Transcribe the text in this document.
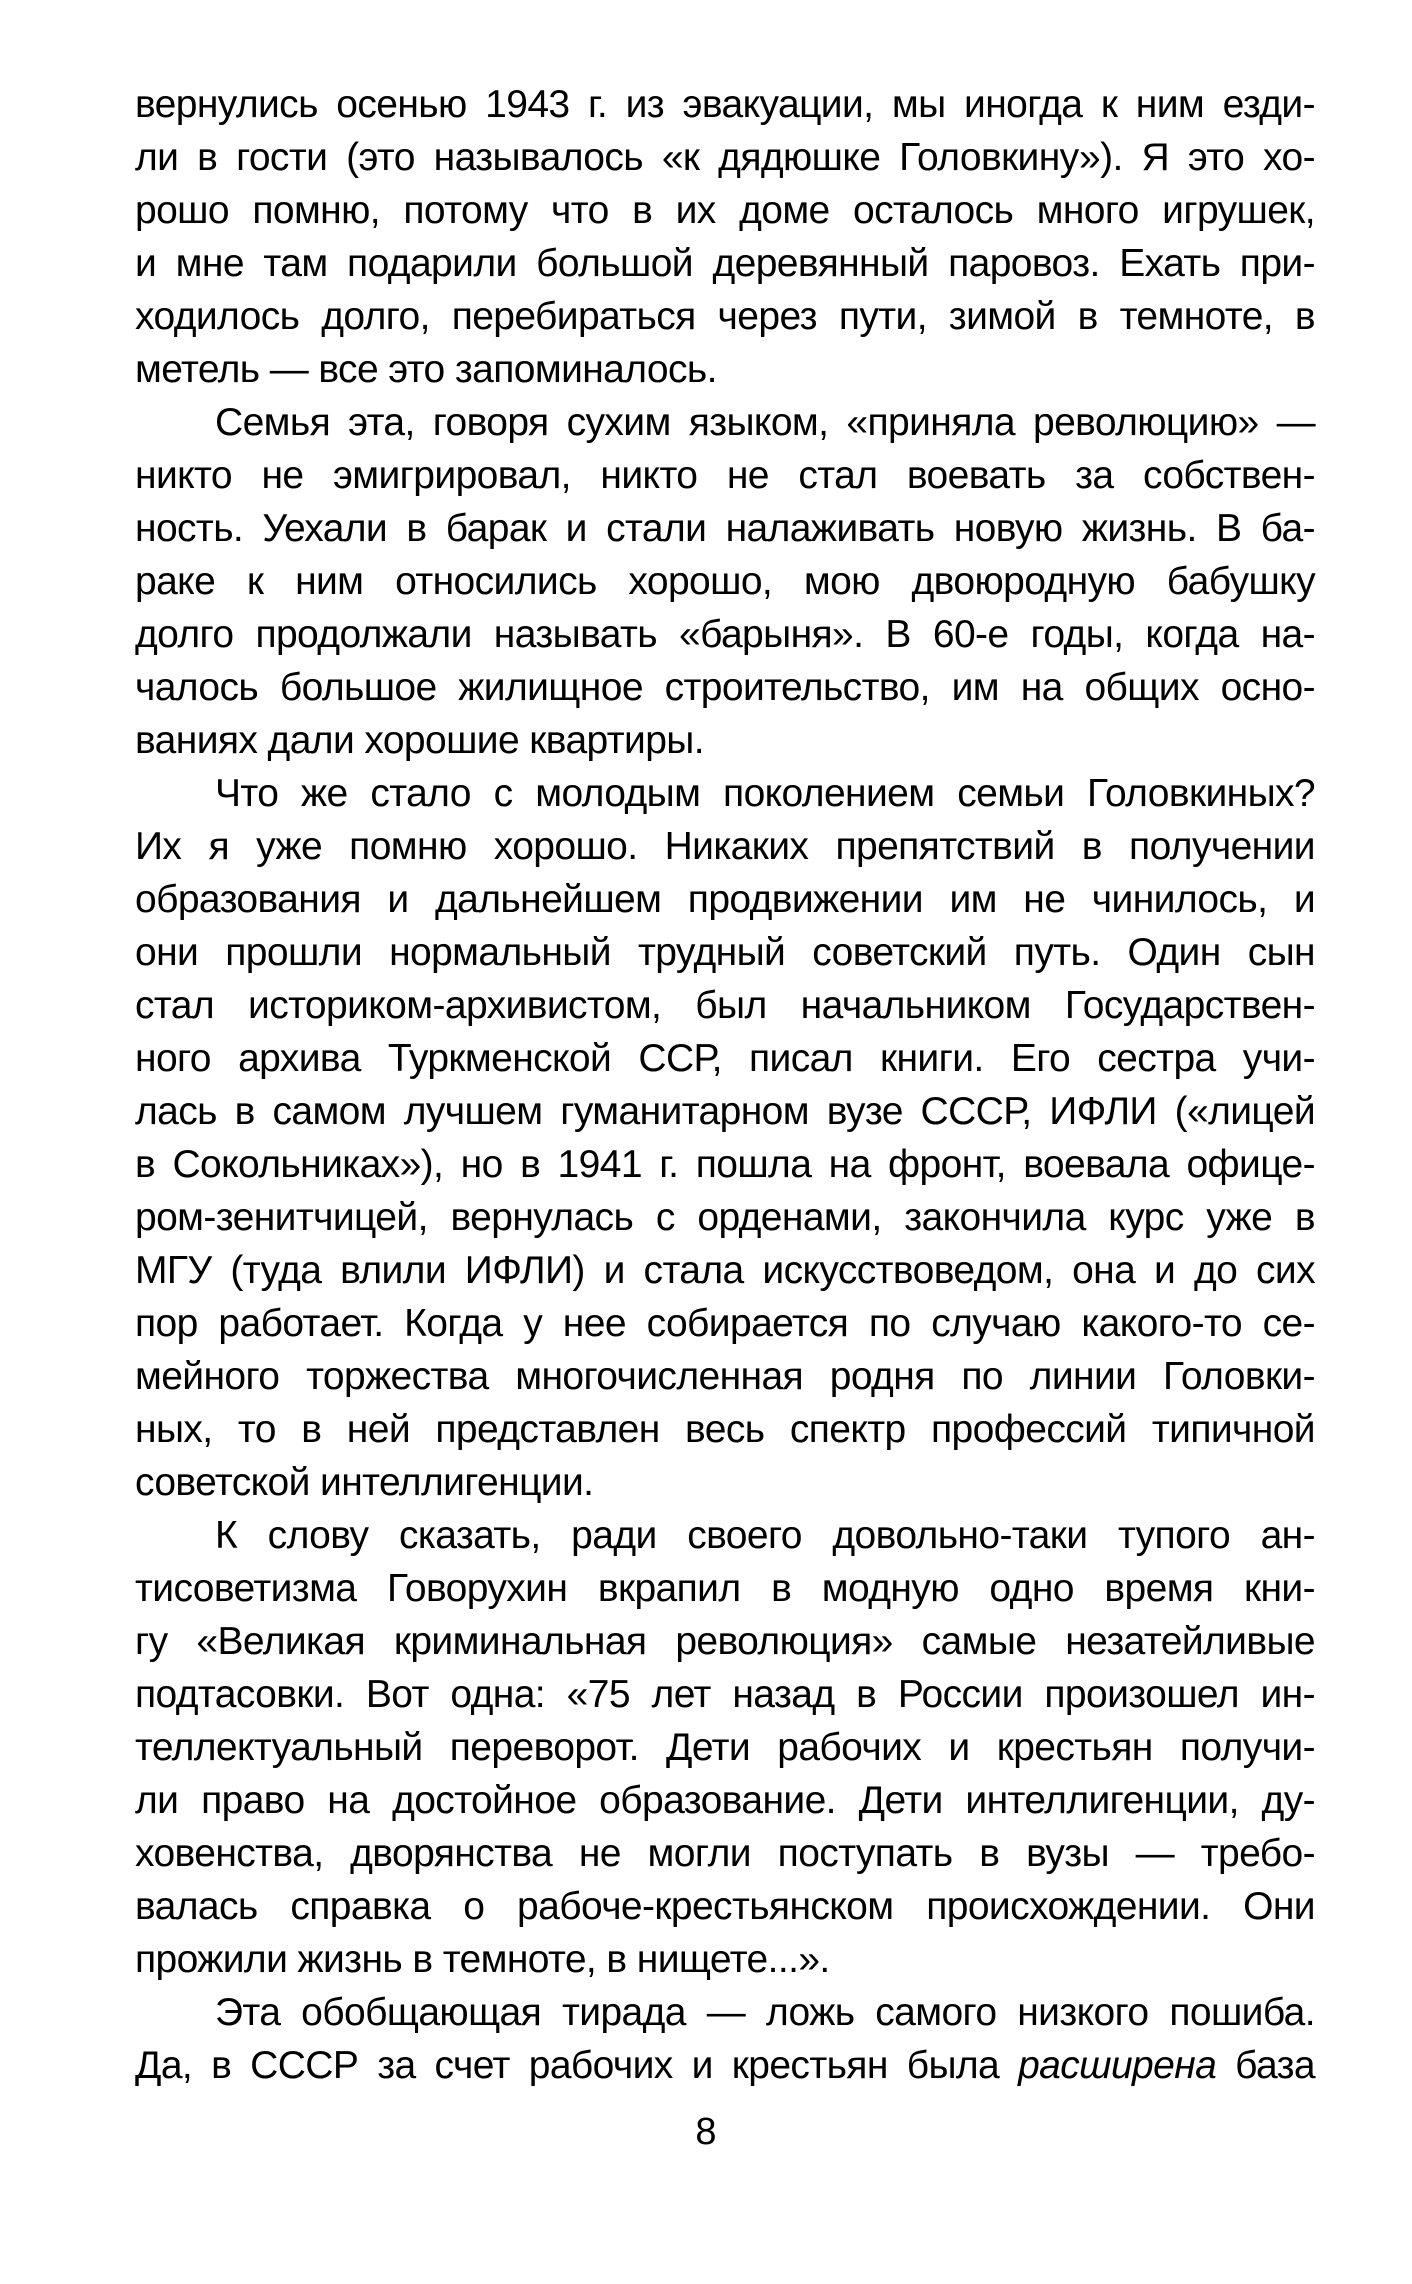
вернулись осенью 1943 г. из эвакуации, мы иногда к ним езди-
ли в гости (это называлось «к дядюшке Головкину»). Я это хо-
рошо помню, потому что в их доме осталось много игрушек,
и мне там подарили большой деревянный паровоз. Ехать при-
ходилось долго, перебираться через пути, зимой в темноте, в
метель — все это запоминалось.
Семья эта, говоря сухим языком, «приняла революцию» —
никто не эмигрировал, никто не стал воевать за собствен-
ность. Уехали в барак и стали налаживать новую жизнь. В ба-
раке к ним относились хорошо, мою двоюродную бабушку
долго продолжали называть «барыня». В 60-е годы, когда на-
чалось большое жилищное строительство, им на общих осно-
ваниях дали хорошие квартиры.
Что же стало с молодым поколением семьи Головкиных?
Их я уже помню хорошо. Никаких препятствий в получении
образования и дальнейшем продвижении им не чинилось, и
они прошли нормальный трудный советский путь. Один сын
стал историком-архивистом, был начальником Государствен-
ного архива Туркменской ССР, писал книги. Его сестра учи-
лась в самом лучшем гуманитарном вузе СССР, ИФЛИ («лицей
в Сокольниках»), но в 1941 г. пошла на фронт, воевала офице-
ром-зенитчицей, вернулась с орденами, закончила курс уже в
МГУ (туда влили ИФЛИ) и стала искусствоведом, она и до сих
пор работает. Когда у нее собирается по случаю какого-то се-
мейного торжества многочисленная родня по линии Головки-
ных, то в ней представлен весь спектр профессий типичной
советской интеллигенции.
К слову сказать, ради своего довольно-таки тупого ан-
тисоветизма Говорухин вкрапил в модную одно время кни-
гу «Великая криминальная революция» самые незатейливые
подтасовки. Вот одна: «75 лет назад в России произошел ин-
теллектуальный переворот. Дети рабочих и крестьян получи-
ли право на достойное образование. Дети интеллигенции, ду-
ховенства, дворянства не могли поступать в вузы — требо-
валась справка о рабоче-крестьянском происхождении. Они
прожили жизнь в темноте, в нищете...».
Эта обобщающая тирада — ложь самого низкого пошиба.
Да, в СССР за счет рабочих и крестьян была расширена база
8
